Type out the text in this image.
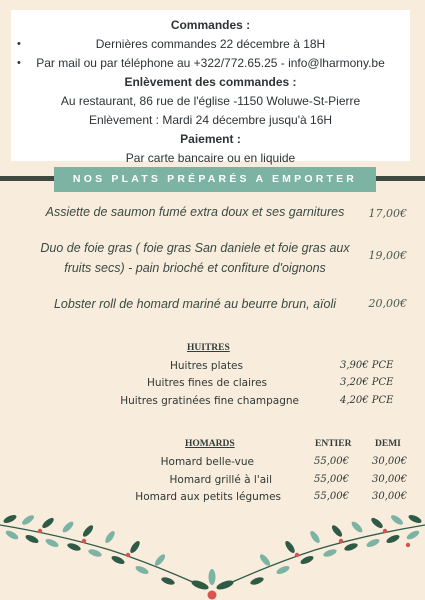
Commandes :
•	Dernières commandes 22 décembre à 18H
• Par mail ou par téléphone au +322/772.65.25 - info@lharmony.be
Enlèvement des commandes :
Au restaurant, 86 rue de l'église -1150 Woluwe-St-Pierre
Enlèvement : Mardi 24 décembre jusqu'à 16H
Paiement :
Par carte bancaire ou en liquide
NOS PLATS PRÉPARÉS A EMPORTER
Assiette de saumon fumé extra doux et ses garnitures	17,00€
Duo de foie gras ( foie gras San daniele et foie gras aux
fruits secs) - pain brioché et confiture d'oignons
19,00€
Lobster roll de homard mariné au beurre brun, aïoli	20,00€
HUITRES
Huitres plates	3,90€ PCE
Huitres fines de claires	3,20€ PCE
Huitres gratinées fine champagne	4,20€ PCE
HOMARDS	ENTIER DEMI
Homard belle-vue	55,00€ 30,00€
Homard grillé à l'ail	55,00€ 30,00€
Homard aux petits légumes	55,00€ 30,00€
